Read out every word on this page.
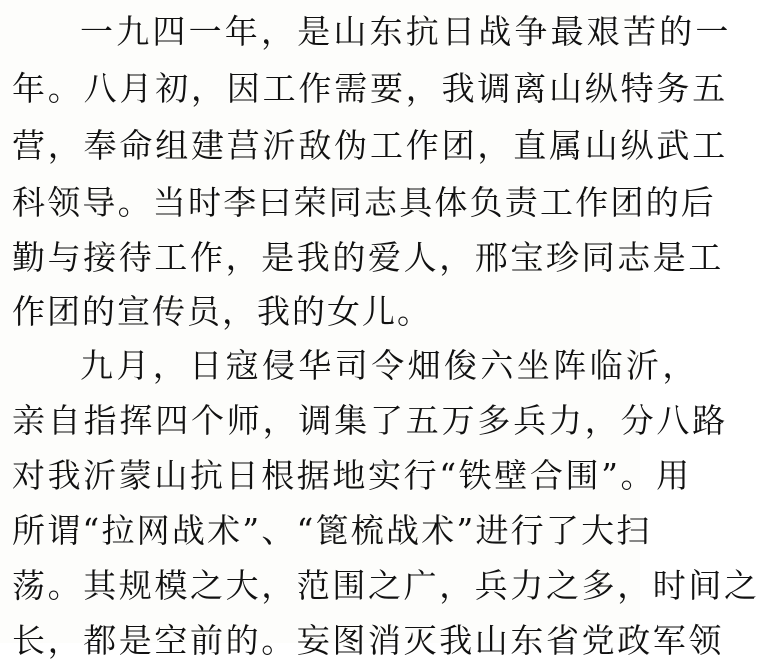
一九四一年，是山东抗日战争最艰苦的一
年。八月初，因工作需要，我调离山纵特务五
营，奉命组建莒沂敌伪工作团，直属山纵武工
科领导。当时李曰荣同志具体负责工作团的后
勤与接待工作，是我的爱人，邢宝珍同志是工
作团的宣传员，我的女儿。
九月，日寇侵华司令畑俊六坐阵临沂，
亲自指挥四个师，调集了五万多兵力，分八路
对我沂蒙山抗日根据地实行“铁壁合围”。用
所谓“拉网战术”、“篦梳战术”进行了大扫
荡。其规模之大，范围之广，兵力之多，时间之
长，都是空前的。妄图消灭我山东省党政军领
